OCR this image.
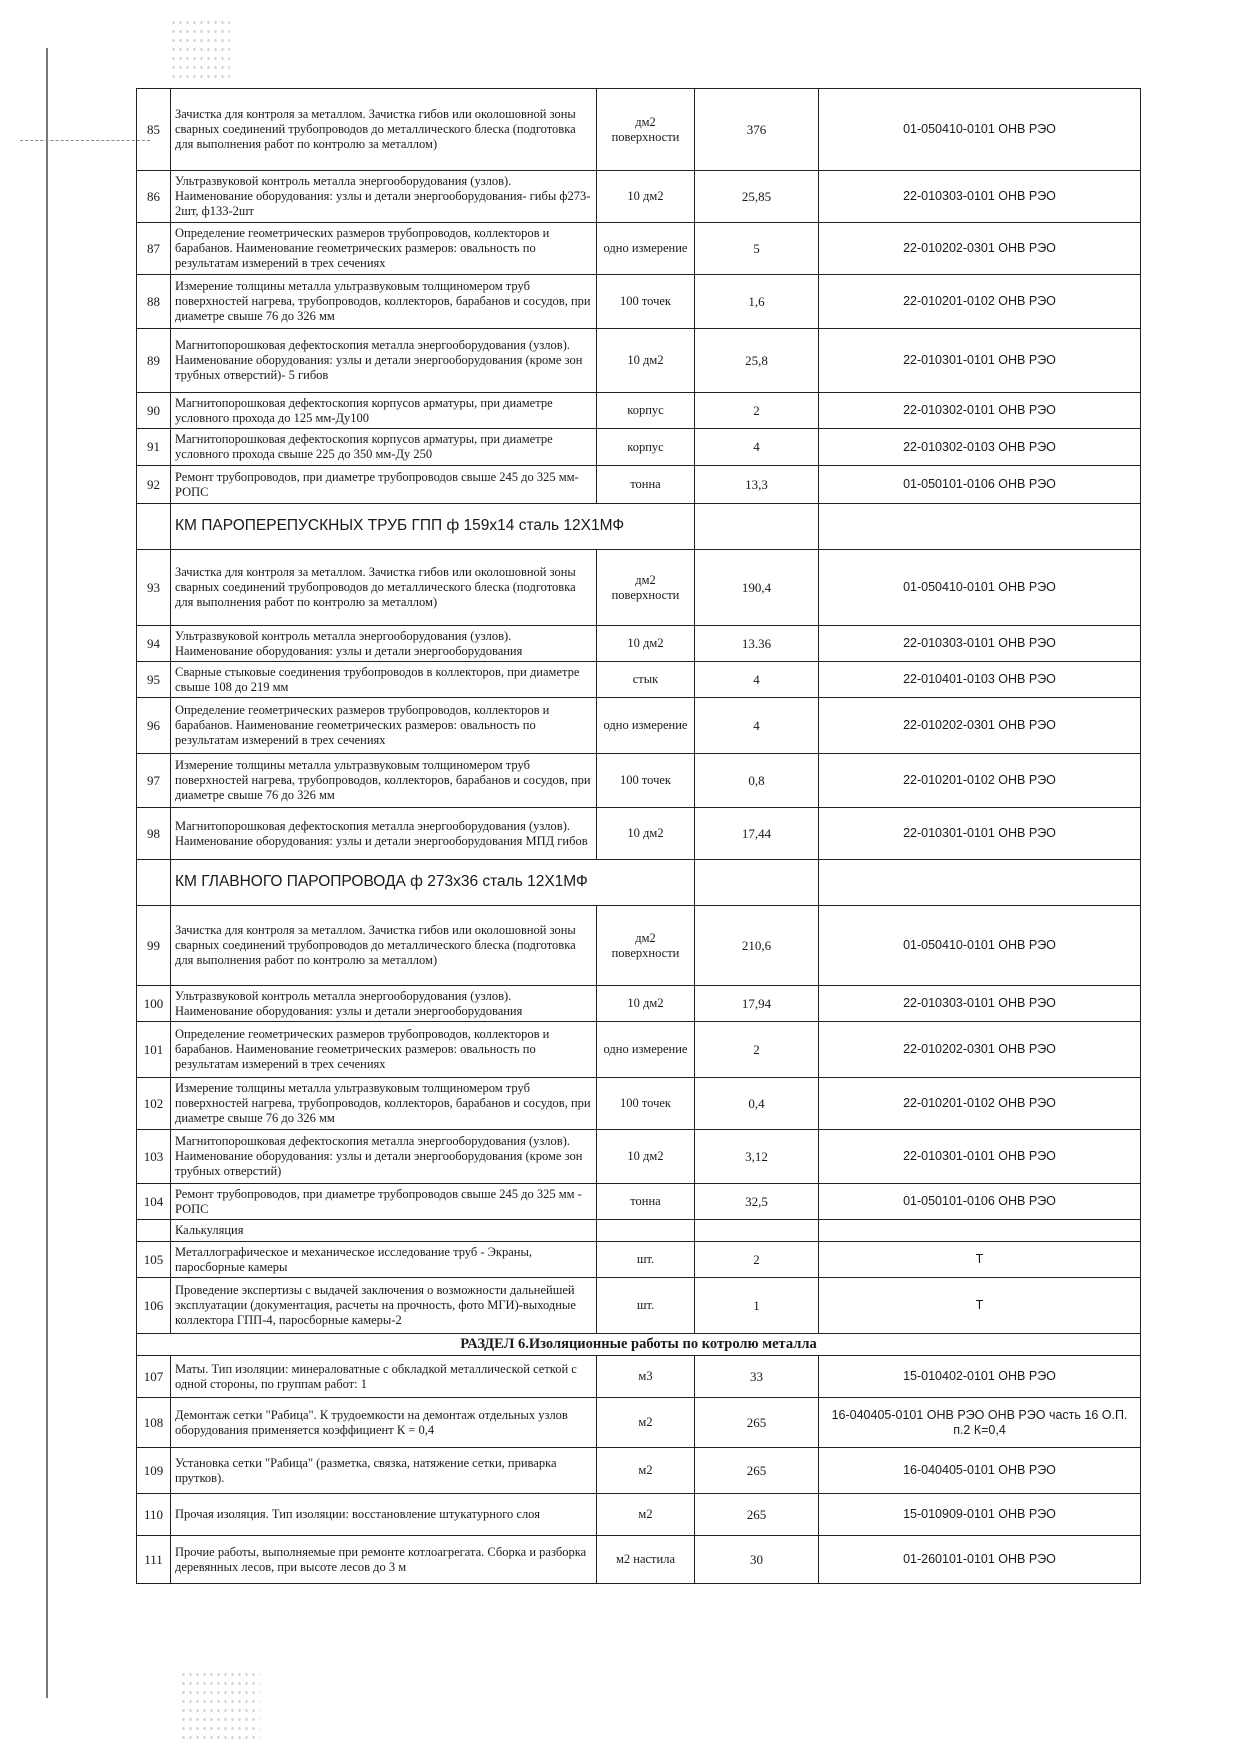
85	Зачистка для контроля за металлом. Зачистка гибов или околошовной зоны сварных соединений трубопроводов до металлического блеска (подготовка для выполнения работ по контролю за металлом)	дм2 поверхности	376	01-050410-0101 ОНВ РЭО
86	Ультразвуковой контроль металла энергооборудования (узлов). Наименование оборудования: узлы и детали энергооборудования- гибы ф273-2шт, ф133-2шт	10 дм2	25,85	22-010303-0101 ОНВ РЭО
87	Определение геометрических размеров трубопроводов, коллекторов и барабанов. Наименование геометрических размеров: овальность по результатам измерений в трех сечениях	одно измерение	5	22-010202-0301 ОНВ РЭО
88	Измерение толщины металла ультразвуковым толщиномером труб поверхностей нагрева, трубопроводов, коллекторов, барабанов и сосудов, при диаметре свыше 76 до 326 мм	100 точек	1,6	22-010201-0102 ОНВ РЭО
89	Магнитопорошковая дефектоскопия металла энергооборудования (узлов). Наименование оборудования: узлы и детали энергооборудования (кроме зон трубных отверстий)- 5 гибов	10 дм2	25,8	22-010301-0101 ОНВ РЭО
90	Магнитопорошковая дефектоскопия корпусов арматуры, при диаметре условного прохода до 125 мм-Ду100	корпус	2	22-010302-0101 ОНВ РЭО
91	Магнитопорошковая дефектоскопия корпусов арматуры, при диаметре условного прохода свыше 225 до 350 мм-Ду 250	корпус	4	22-010302-0103 ОНВ РЭО
92	Ремонт трубопроводов, при диаметре трубопроводов свыше 245 до 325 мм-РОПС	тонна	13,3	01-050101-0106 ОНВ РЭО
	КМ ПАРОПЕРЕПУСКНЫХ ТРУБ ГПП ф 159х14 сталь 12Х1МФ			
93	Зачистка для контроля за металлом. Зачистка гибов или околошовной зоны сварных соединений трубопроводов до металлического блеска (подготовка для выполнения работ по контролю за металлом)	дм2 поверхности	190,4	01-050410-0101 ОНВ РЭО
94	Ультразвуковой контроль металла энергооборудования (узлов). Наименование оборудования: узлы и детали энергооборудования	10 дм2	13.36	22-010303-0101 ОНВ РЭО
95	Сварные стыковые соединения трубопроводов в коллекторов, при диаметре свыше 108 до 219 мм	стык	4	22-010401-0103 ОНВ РЭО
96	Определение геометрических размеров трубопроводов, коллекторов и барабанов. Наименование геометрических размеров: овальность по результатам измерений в трех сечениях	одно измерение	4	22-010202-0301 ОНВ РЭО
97	Измерение толщины металла ультразвуковым толщиномером труб поверхностей нагрева, трубопроводов, коллекторов, барабанов и сосудов, при диаметре свыше 76 до 326 мм	100 точек	0,8	22-010201-0102 ОНВ РЭО
98	Магнитопорошковая дефектоскопия металла энергооборудования (узлов). Наименование оборудования: узлы и детали энергооборудования МПД гибов	10 дм2	17,44	22-010301-0101 ОНВ РЭО
	КМ ГЛАВНОГО ПАРОПРОВОДА ф 273х36 сталь 12Х1МФ			
99	Зачистка для контроля за металлом. Зачистка гибов или околошовной зоны сварных соединений трубопроводов до металлического блеска (подготовка для выполнения работ по контролю за металлом)	дм2 поверхности	210,6	01-050410-0101 ОНВ РЭО
100	Ультразвуковой контроль металла энергооборудования (узлов). Наименование оборудования: узлы и детали энергооборудования	10 дм2	17,94	22-010303-0101 ОНВ РЭО
101	Определение геометрических размеров трубопроводов, коллекторов и барабанов. Наименование геометрических размеров: овальность по результатам измерений в трех сечениях	одно измерение	2	22-010202-0301 ОНВ РЭО
102	Измерение толщины металла ультразвуковым толщиномером труб поверхностей нагрева, трубопроводов, коллекторов, барабанов и сосудов, при диаметре свыше 76 до 326 мм	100 точек	0,4	22-010201-0102 ОНВ РЭО
103	Магнитопорошковая дефектоскопия металла энергооборудования (узлов). Наименование оборудования: узлы и детали энергооборудования (кроме зон трубных отверстий)	10 дм2	3,12	22-010301-0101 ОНВ РЭО
104	Ремонт трубопроводов, при диаметре трубопроводов свыше 245 до 325 мм - РОПС	тонна	32,5	01-050101-0106 ОНВ РЭО
	Калькуляция			
105	Металлографическое и механическое исследование труб - Экраны, пароcборные камеры	шт.	2	Т
106	Проведение экспертизы с выдачей заключения о возможности дальнейшей эксплуатации (документация, расчеты на прочность, фото МГИ)-выходные коллектора ГПП-4, пароcборные камеры-2	шт.	1	Т
РАЗДЕЛ 6.Изоляционные работы по котролю металла				
107	Маты. Тип изоляции: минераловатные с обкладкой металлической сеткой с одной стороны, по группам работ: 1	м3	33	15-010402-0101 ОНВ РЭО
108	Демонтаж сетки "Рабица". К трудоемкости на демонтаж отдельных узлов оборудования применяется коэффициент К = 0,4	м2	265	16-040405-0101 ОНВ РЭО ОНВ РЭО часть 16 О.П. п.2 К=0,4
109	Установка сетки "Рабица" (разметка, связка, натяжение сетки, приварка прутков).	м2	265	16-040405-0101 ОНВ РЭО
110	Прочая изоляция. Тип изоляции: восстановление штукатурного слоя	м2	265	15-010909-0101 ОНВ РЭО
111	Прочие работы, выполняемые при ремонте котлоагрегата. Сборка и разборка деревянных лесов, при высоте лесов до 3 м	м2 настила	30	01-260101-0101 ОНВ РЭО
